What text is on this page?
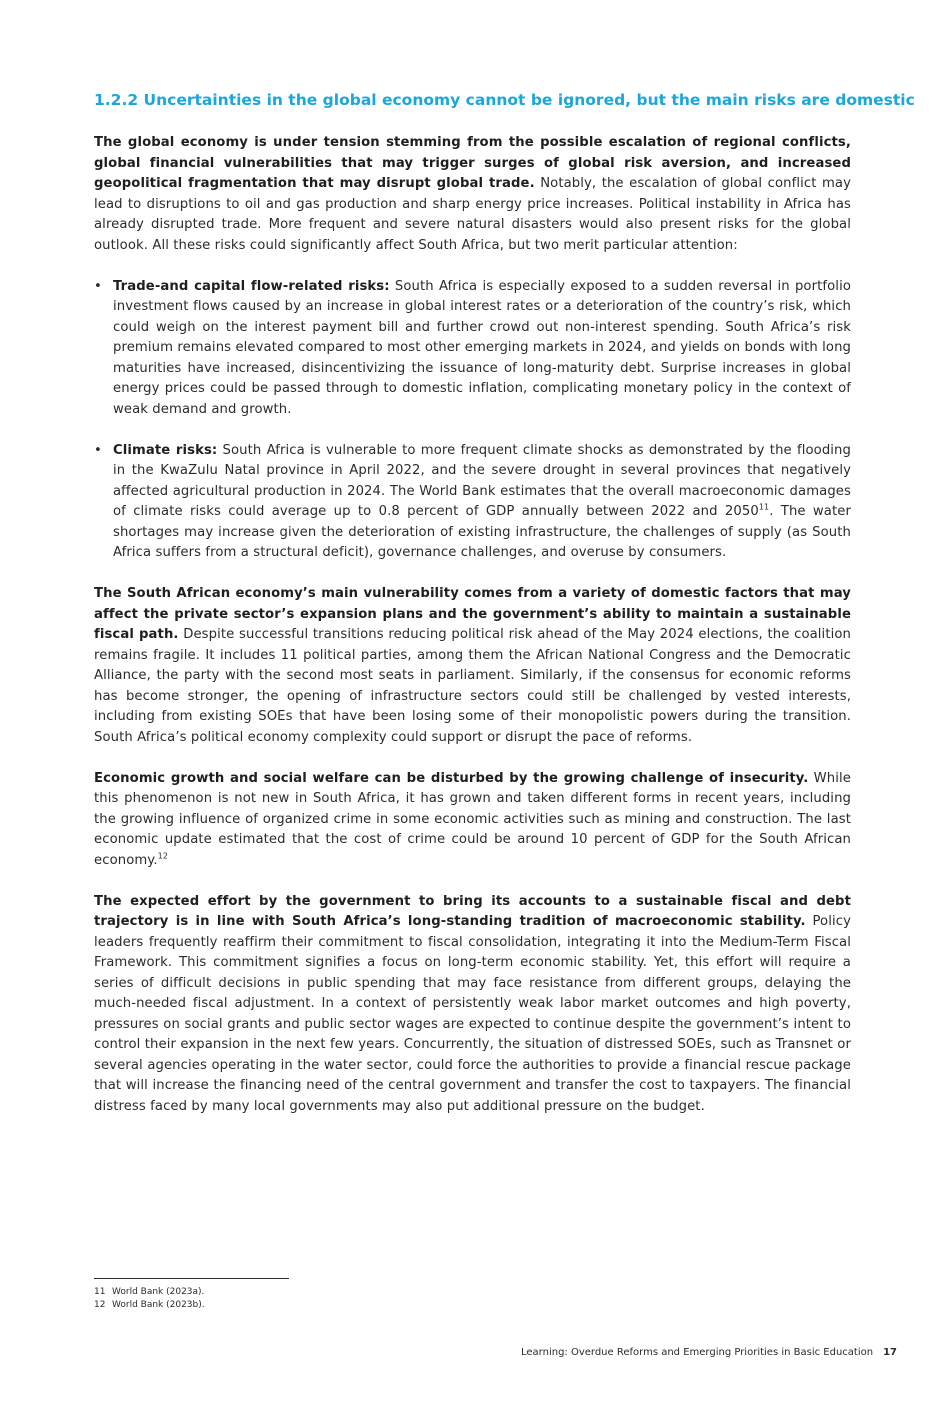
1.2.2 Uncertainties in the global economy cannot be ignored, but the main risks are domestic

The global economy is under tension stemming from the possible escalation of regional conflicts, global financial vulnerabilities that may trigger surges of global risk aversion, and increased geopolitical fragmentation that may disrupt global trade. Notably, the escalation of global conflict may lead to disruptions to oil and gas production and sharp energy price increases. Political instability in Africa has already disrupted trade. More frequent and severe natural disasters would also present risks for the global outlook. All these risks could significantly affect South Africa, but two merit particular attention:

• Trade-and capital flow-related risks: South Africa is especially exposed to a sudden reversal in portfolio investment flows caused by an increase in global interest rates or a deterioration of the country’s risk, which could weigh on the interest payment bill and further crowd out non-interest spending. South Africa’s risk premium remains elevated compared to most other emerging markets in 2024, and yields on bonds with long maturities have increased, disincentivizing the issuance of long-maturity debt. Surprise increases in global energy prices could be passed through to domestic inflation, complicating monetary policy in the context of weak demand and growth.
• Climate risks: South Africa is vulnerable to more frequent climate shocks as demonstrated by the flooding in the KwaZulu Natal province in April 2022, and the severe drought in several provinces that negatively affected agricultural production in 2024. The World Bank estimates that the overall macroeconomic damages of climate risks could average up to 0.8 percent of GDP annually between 2022 and 2050$^{11}$. The water shortages may increase given the deterioration of existing infrastructure, the challenges of supply (as South Africa suffers from a structural deficit), governance challenges, and overuse by consumers.

The South African economy’s main vulnerability comes from a variety of domestic factors that may affect the private sector’s expansion plans and the government’s ability to maintain a sustainable fiscal path. Despite successful transitions reducing political risk ahead of the May 2024 elections, the coalition remains fragile. It includes 11 political parties, among them the African National Congress and the Democratic Alliance, the party with the second most seats in parliament. Similarly, if the consensus for economic reforms has become stronger, the opening of infrastructure sectors could still be challenged by vested interests, including from existing SOEs that have been losing some of their monopolistic powers during the transition. South Africa’s political economy complexity could support or disrupt the pace of reforms.

Economic growth and social welfare can be disturbed by the growing challenge of insecurity. While this phenomenon is not new in South Africa, it has grown and taken different forms in recent years, including the growing influence of organized crime in some economic activities such as mining and construction. The last economic update estimated that the cost of crime could be around 10 percent of GDP for the South African economy.$^{12}$

The expected effort by the government to bring its accounts to a sustainable fiscal and debt trajectory is in line with South Africa’s long-standing tradition of macroeconomic stability. Policy leaders frequently reaffirm their commitment to fiscal consolidation, integrating it into the Medium-Term Fiscal Framework. This commitment signifies a focus on long-term economic stability. Yet, this effort will require a series of difficult decisions in public spending that may face resistance from different groups, delaying the much-needed fiscal adjustment. In a context of persistently weak labor market outcomes and high poverty, pressures on social grants and public sector wages are expected to continue despite the government’s intent to control their expansion in the next few years. Concurrently, the situation of distressed SOEs, such as Transnet or several agencies operating in the water sector, could force the authorities to provide a financial rescue package that will increase the financing need of the central government and transfer the cost to taxpayers. The financial distress faced by many local governments may also put additional pressure on the budget.

11 World Bank (2023a).
12 World Bank (2023b).
Learning: Overdue Reforms and Emerging Priorities in Basic Education 17
